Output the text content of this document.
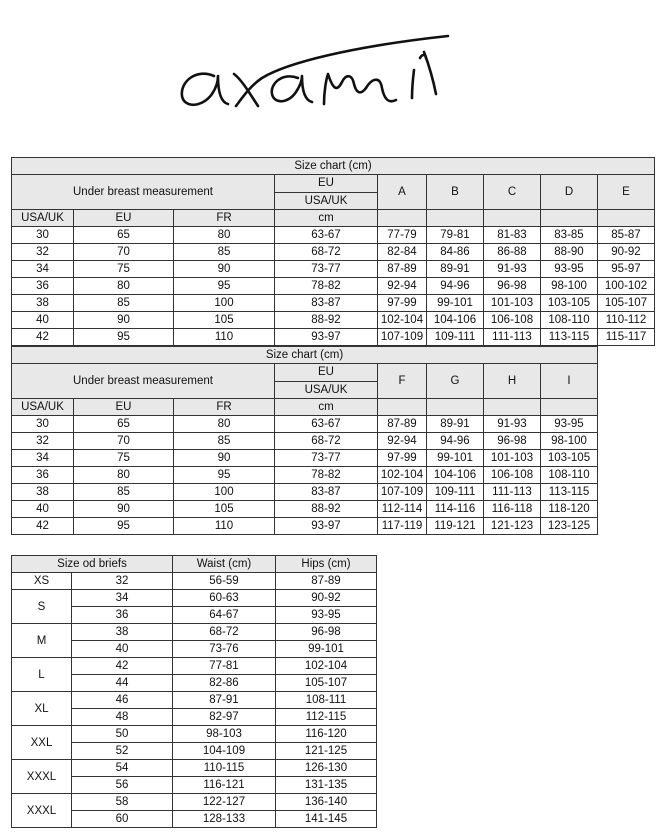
Size chart (cm)								
Under breast measurement			EU	A	B	C	D	E
			USA/UK					
USA/UK	EU	FR	cm					
30	65	80	63-67	77-79	79-81	81-83	83-85	85-87
32	70	85	68-72	82-84	84-86	86-88	88-90	90-92
34	75	90	73-77	87-89	89-91	91-93	93-95	95-97
36	80	95	78-82	92-94	94-96	96-98	98-100	100-102
38	85	100	83-87	97-99	99-101	101-103	103-105	105-107
40	90	105	88-92	102-104	104-106	106-108	108-110	110-112
42	95	110	93-97	107-109	109-111	111-113	113-115	115-117
Size chart (cm)							
Under breast measurement			EU	F	G	H	I
			USA/UK				
USA/UK	EU	FR	cm				
30	65	80	63-67	87-89	89-91	91-93	93-95
32	70	85	68-72	92-94	94-96	96-98	98-100
34	75	90	73-77	97-99	99-101	101-103	103-105
36	80	95	78-82	102-104	104-106	106-108	108-110
38	85	100	83-87	107-109	109-111	111-113	113-115
40	90	105	88-92	112-114	114-116	116-118	118-120
42	95	110	93-97	117-119	119-121	121-123	123-125
Size od briefs		Waist (cm)	Hips (cm)
XS	32	56-59	87-89
S	34	60-63	90-92
	36	64-67	93-95
M	38	68-72	96-98
	40	73-76	99-101
L	42	77-81	102-104
	44	82-86	105-107
XL	46	87-91	108-111
	48	82-97	112-115
XXL	50	98-103	116-120
	52	104-109	121-125
XXXL	54	110-115	126-130
	56	116-121	131-135
XXXL	58	122-127	136-140
	60	128-133	141-145
